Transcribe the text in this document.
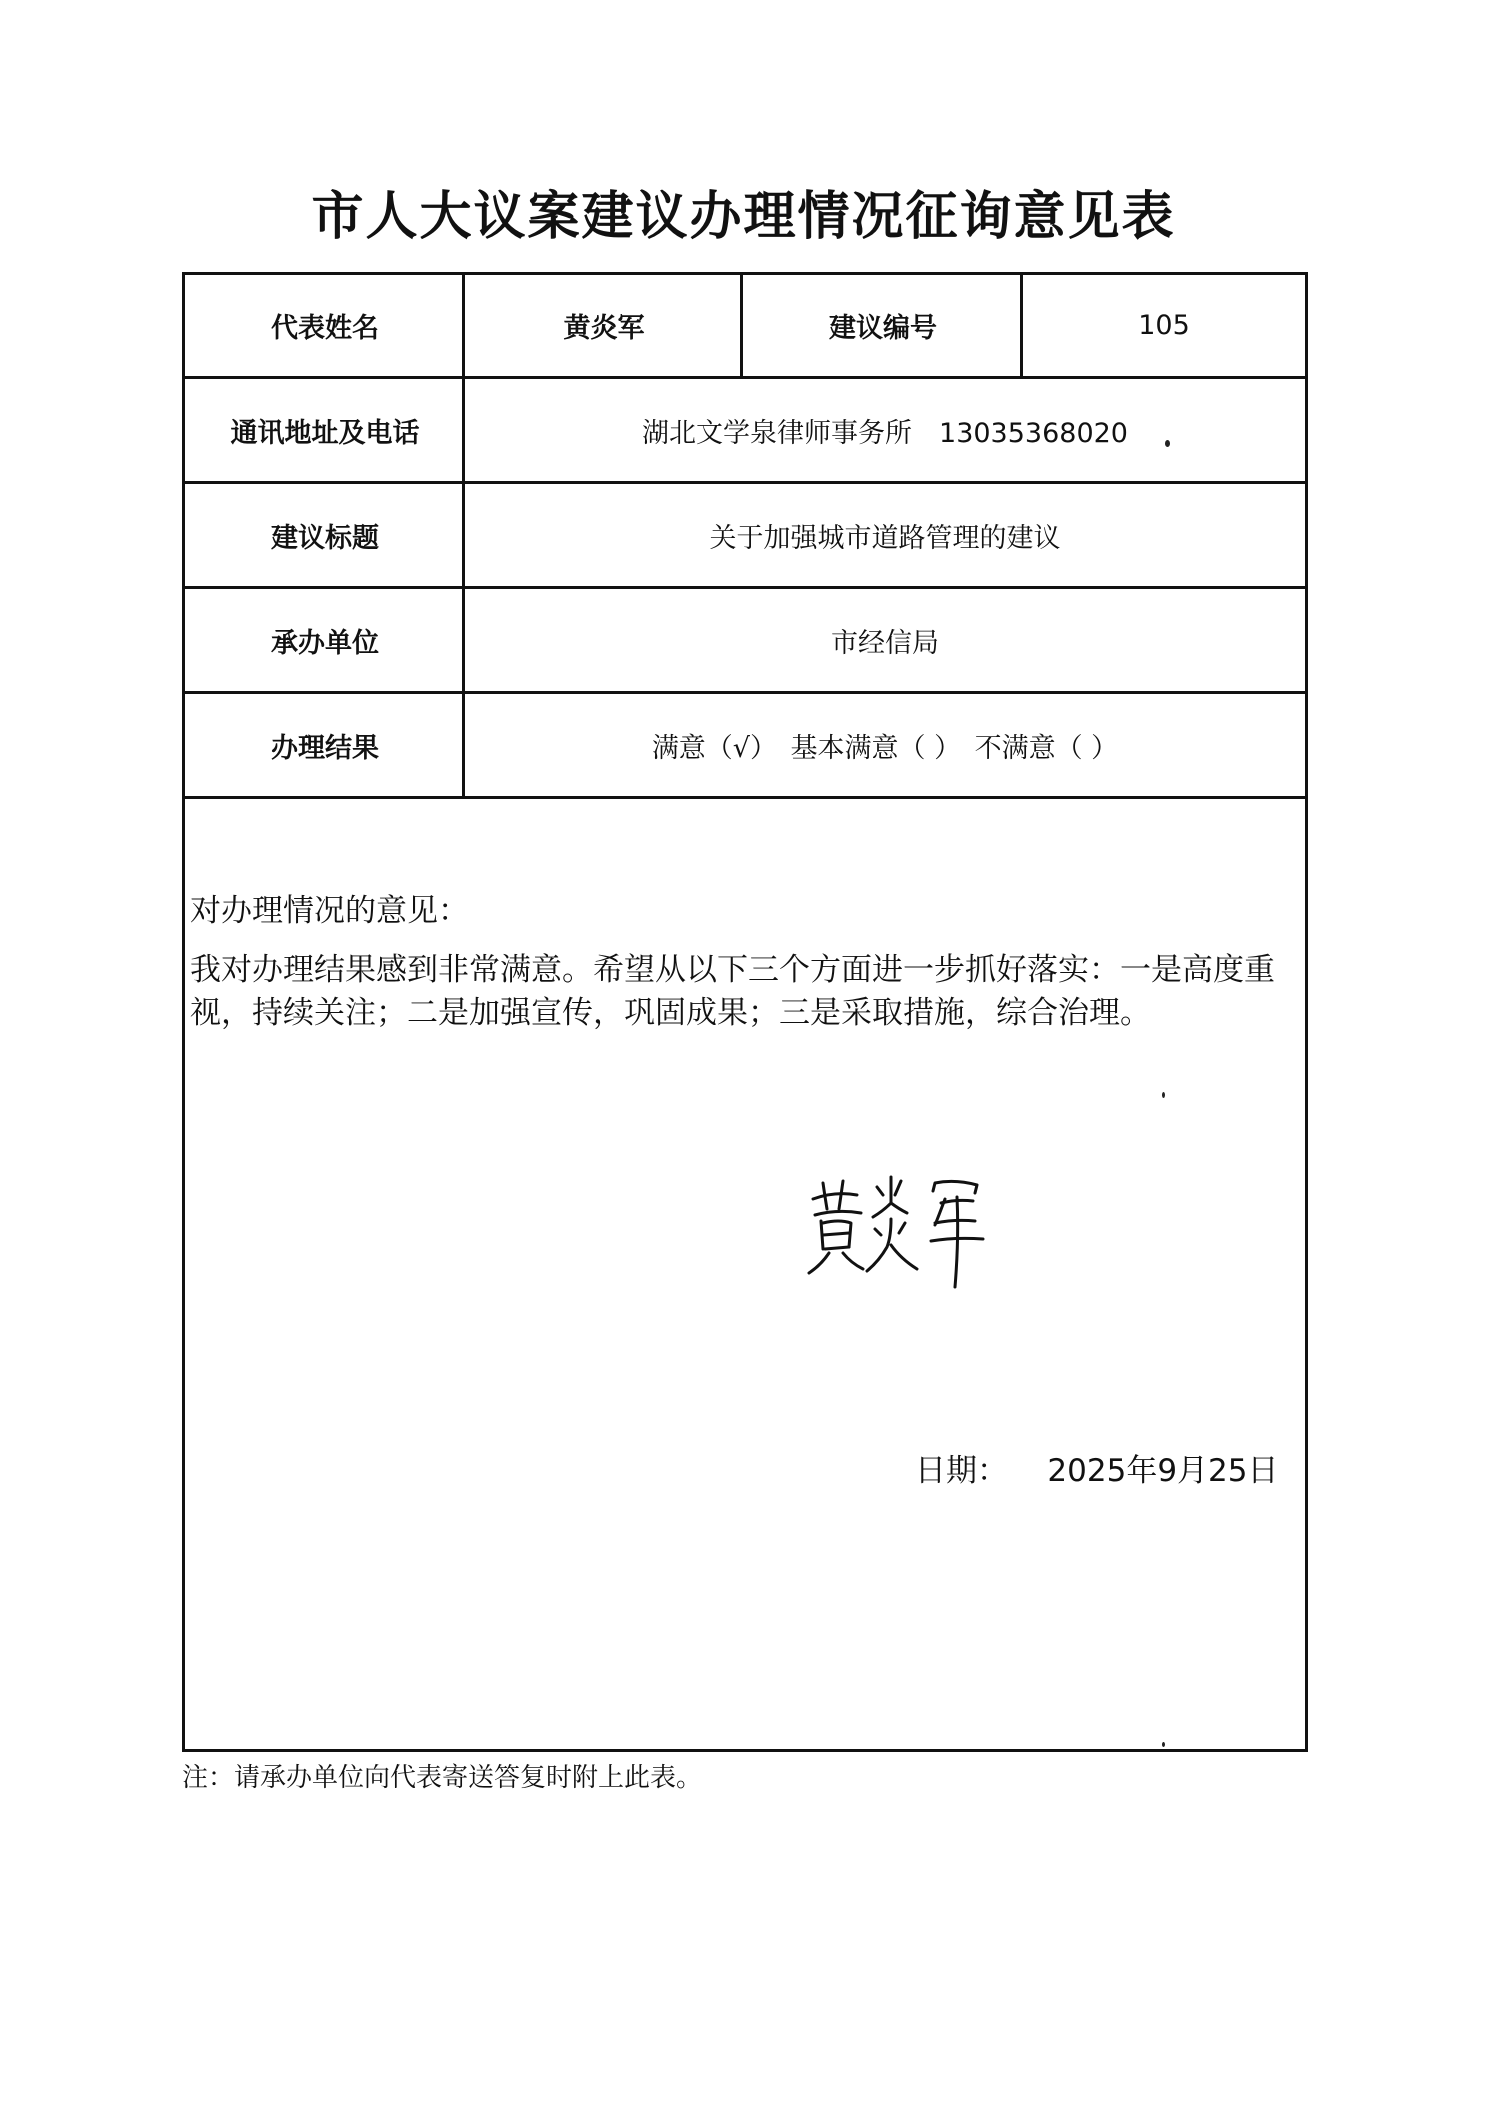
市人大议案建议办理情况征询意见表
代表姓名	黄炎军	建议编号	105
通讯地址及电话	湖北文学泉律师事务所　13035368020
建议标题	关于加强城市道路管理的建议
承办单位	市经信局
办理结果	满意（√）　基本满意（ ）　不满意（ ）
对办理情况的意见：
我对办理结果感到非常满意。希望从以下三个方面进一步抓好落实：一是高度重视，持续关注；二是加强宣传，巩固成果；三是采取措施，综合治理。
日期： 2025年9月25日
注：请承办单位向代表寄送答复时附上此表。
